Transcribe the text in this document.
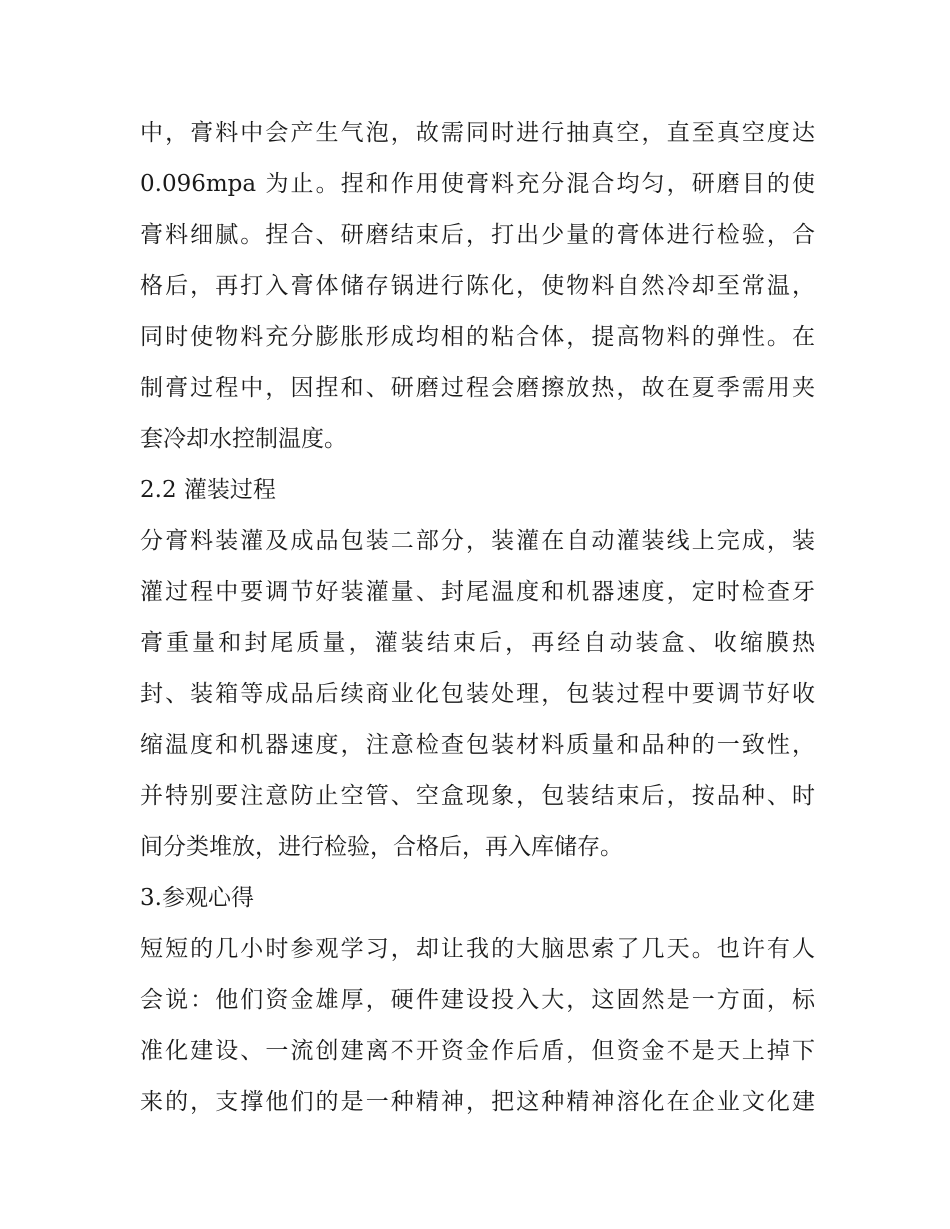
中，膏料中会产生气泡，故需同时进行抽真空，直至真空度达
0.096mpa 为止。捏和作用使膏料充分混合均匀，研磨目的使
膏料细腻。捏合、研磨结束后，打出少量的膏体进行检验，合
格后，再打入膏体储存锅进行陈化，使物料自然冷却至常温，
同时使物料充分膨胀形成均相的粘合体，提高物料的弹性。在
制膏过程中，因捏和、研磨过程会磨擦放热，故在夏季需用夹
套冷却水控制温度。
2.2 灌装过程
分膏料装灌及成品包装二部分，装灌在自动灌装线上完成，装
灌过程中要调节好装灌量、封尾温度和机器速度，定时检查牙
膏重量和封尾质量，灌装结束后，再经自动装盒、收缩膜热
封、装箱等成品后续商业化包装处理，包装过程中要调节好收
缩温度和机器速度，注意检查包装材料质量和品种的一致性，
并特别要注意防止空管、空盒现象，包装结束后，按品种、时
间分类堆放，进行检验，合格后，再入库储存。
3.参观心得
短短的几小时参观学习，却让我的大脑思索了几天。也许有人
会说：他们资金雄厚，硬件建设投入大，这固然是一方面，标
准化建设、一流创建离不开资金作后盾，但资金不是天上掉下
来的，支撑他们的是一种精神，把这种精神溶化在企业文化建
